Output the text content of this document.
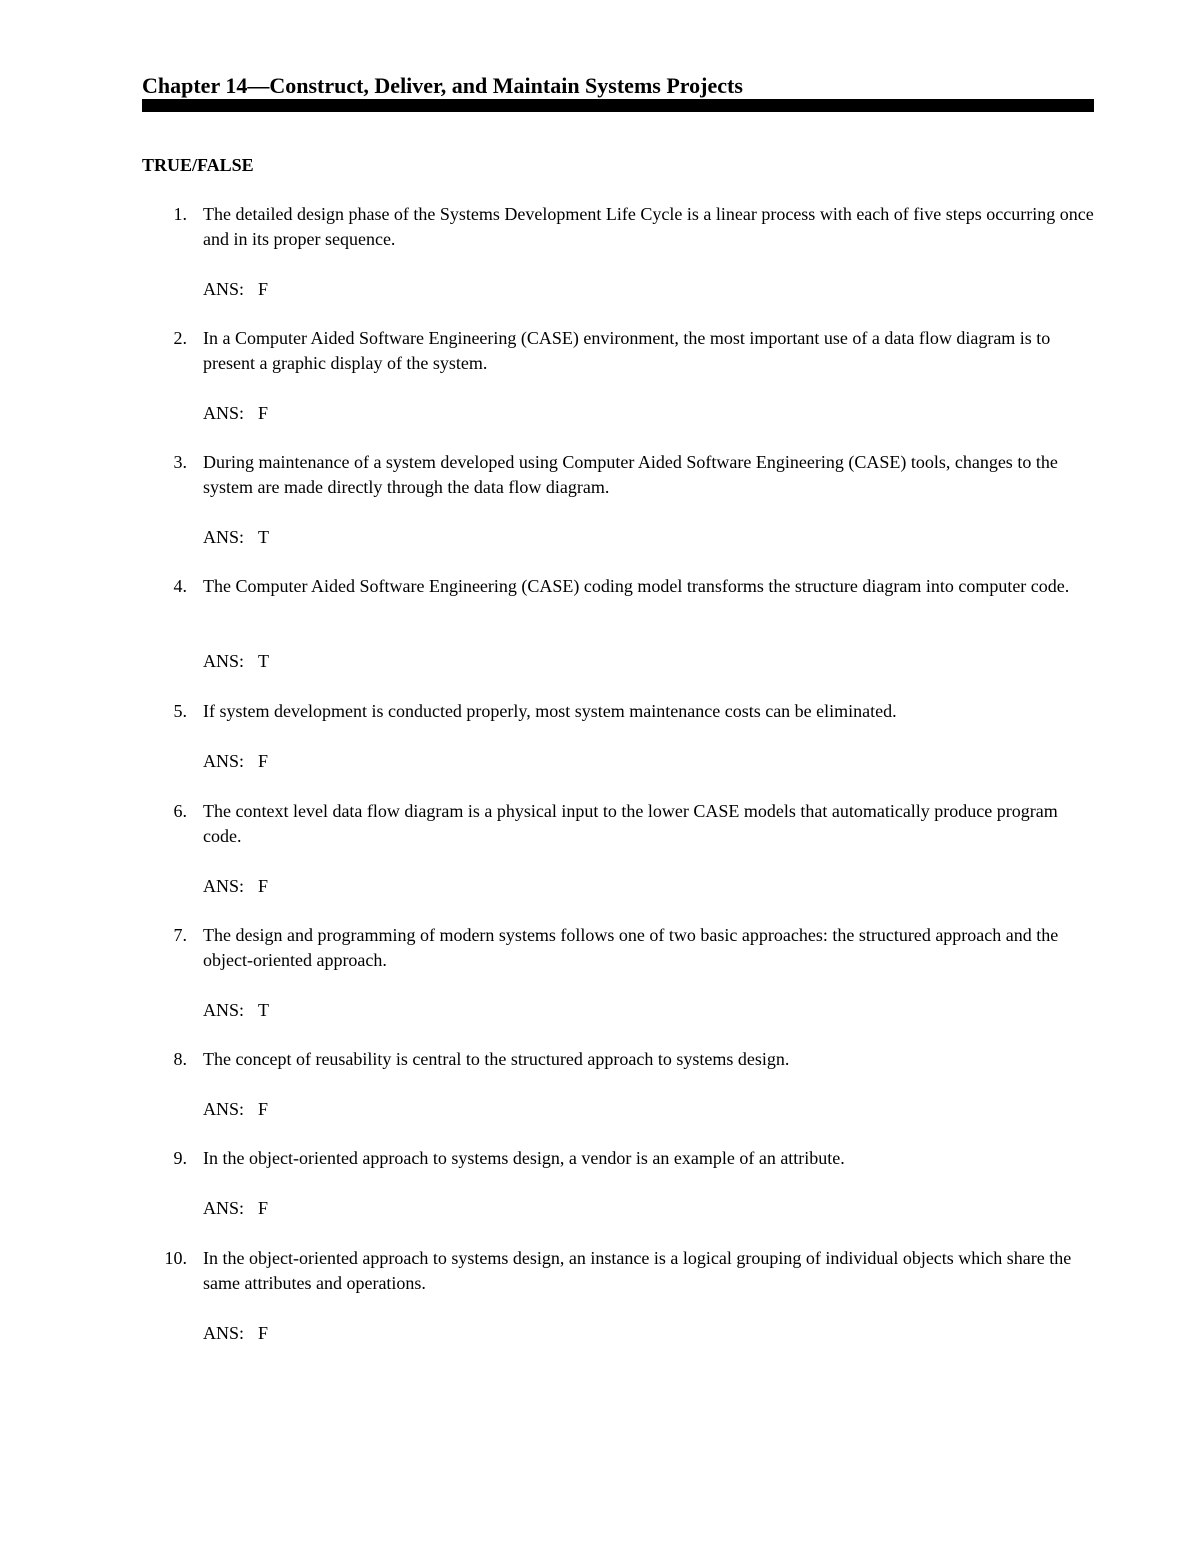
Chapter 14—Construct, Deliver, and Maintain Systems Projects
TRUE/FALSE
1. The detailed design phase of the Systems Development Life Cycle is a linear process with each of five steps occurring once and in its proper sequence.
ANS: F
2. In a Computer Aided Software Engineering (CASE) environment, the most important use of a data flow diagram is to present a graphic display of the system.
ANS: F
3. During maintenance of a system developed using Computer Aided Software Engineering (CASE) tools, changes to the system are made directly through the data flow diagram.
ANS: T
4. The Computer Aided Software Engineering (CASE) coding model transforms the structure diagram into computer code.
ANS: T
5. If system development is conducted properly, most system maintenance costs can be eliminated.
ANS: F
6. The context level data flow diagram is a physical input to the lower CASE models that automatically produce program code.
ANS: F
7. The design and programming of modern systems follows one of two basic approaches: the structured approach and the object-oriented approach.
ANS: T
8. The concept of reusability is central to the structured approach to systems design.
ANS: F
9. In the object-oriented approach to systems design, a vendor is an example of an attribute.
ANS: F
10. In the object-oriented approach to systems design, an instance is a logical grouping of individual objects which share the same attributes and operations.
ANS: F
